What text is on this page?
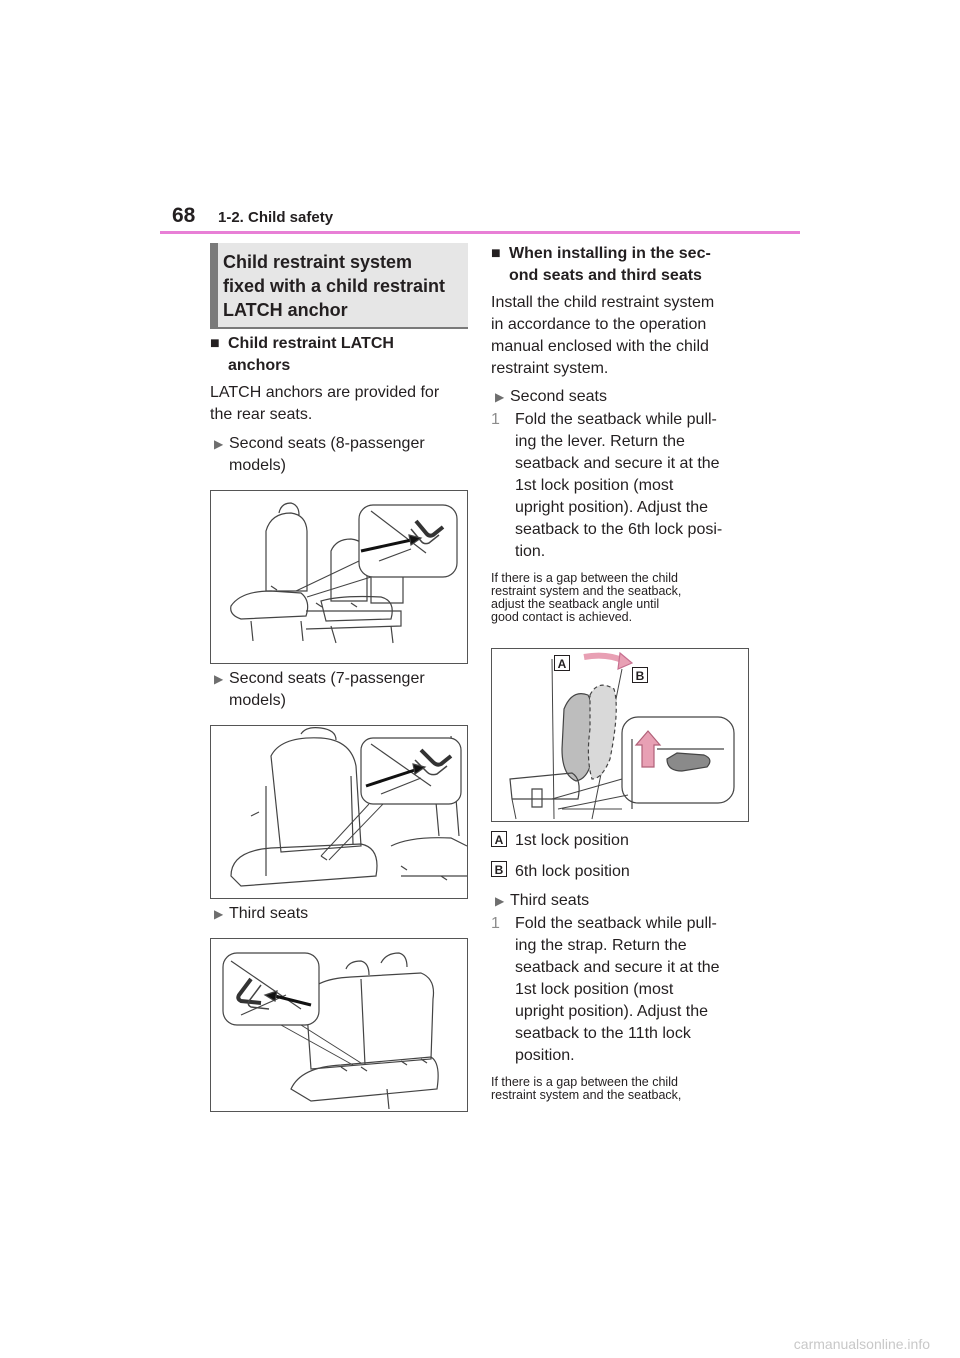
68 1-2. Child safety
Child restraint system
fixed with a child restraint
LATCH anchor
■ Child restraint LATCH
anchors
LATCH anchors are provided for
the rear seats.
▶ Second seats (8-passenger
models)
▶ Second seats (7-passenger
models)
▶ Third seats
■ When installing in the sec-
ond seats and third seats
Install the child restraint system
in accordance to the operation
manual enclosed with the child
restraint system.
▶ Second seats
1 Fold the seatback while pull-
ing the lever. Return the
seatback and secure it at the
1st lock position (most
upright position). Adjust the
seatback to the 6th lock posi-
tion.
If there is a gap between the child
restraint system and the seatback,
adjust the seatback angle until
good contact is achieved.
A
B
A 1st lock position
B 6th lock position
▶ Third seats
1 Fold the seatback while pull-
ing the strap. Return the
seatback and secure it at the
1st lock position (most
upright position). Adjust the
seatback to the 11th lock
position.
If there is a gap between the child
restraint system and the seatback,
carmanualsonline.info
